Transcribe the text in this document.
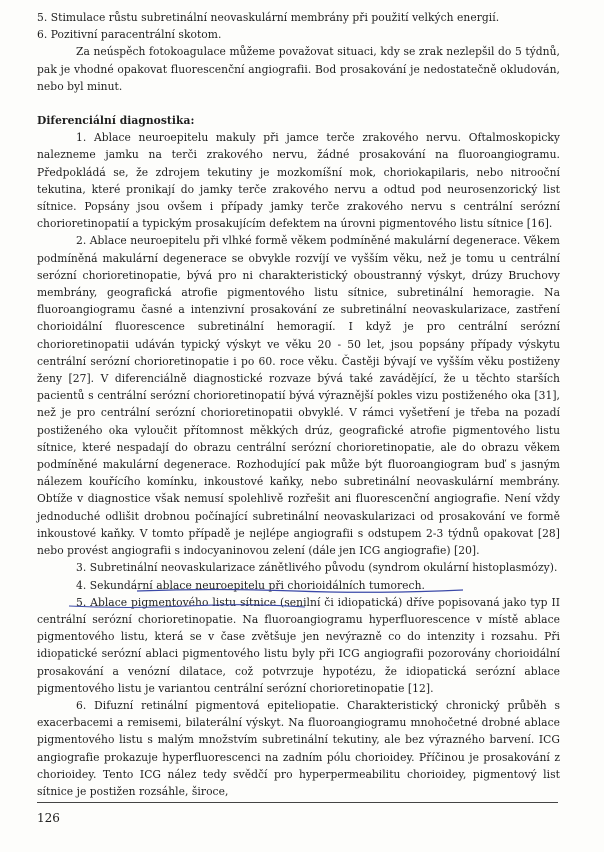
5. Stimulace růstu subretinální neovaskulární membrány při použití velkých energií.

6. Pozitivní paracentrální skotom.

Za neúspěch fotokoagulace můžeme považovat situaci, kdy se zrak nezlepšil do 5 týdnů, pak je vhodné opakovat fluorescenční angiografii. Bod prosakování je nedostatečně okludován, nebo byl minut.

Diferenciální diagnostika:

1. Ablace neuroepitelu makuly při jamce terče zrakového nervu. Oftalmoskopicky nalezneme jamku na terči zrakového nervu, žádné prosakování na fluoroangiogramu. Předpokládá se, že zdrojem tekutiny je mozkomíšní mok, choriokapilaris, nebo nitrooční tekutina, které pronikají do jamky terče zrakového nervu a odtud pod neurosenzorický list sítnice. Popsány jsou ovšem i případy jamky terče zrakového nervu s centrální serózní chorioretinopatií a typickým prosakujícím defektem na úrovni pigmentového listu sítnice [16].

2. Ablace neuroepitelu při vlhké formě věkem podmíněné makulární degenerace. Věkem podmíněná makulární degenerace se obvykle rozvíjí ve vyšším věku, než je tomu u centrální serózní chorioretinopatie, bývá pro ni charakteristický oboustranný výskyt, drúzy Bruchovy membrány, geografická atrofie pigmentového listu sítnice, subretinální hemoragie. Na fluoroangiogramu časné a intenzivní prosakování ze subretinální neovaskularizace, zastření chorioidální fluorescence subretinální hemoragií. I když je pro centrální serózní chorioretinopatii udáván typický výskyt ve věku 20 - 50 let, jsou popsány případy výskytu centrální serózní chorioretinopatie i po 60. roce věku. Častěji bývají ve vyšším věku postiženy ženy [27]. V diferenciálně diagnostické rozvaze bývá také zavádějící, že u těchto starších pacientů s centrální serózní chorioretinopatií bývá výraznější pokles vizu postiženého oka [31], než je pro centrální serózní chorioretinopatii obvyklé. V rámci vyšetření je třeba na pozadí postiženého oka vyloučit přítomnost měkkých drúz, geografické atrofie pigmentového listu sítnice, které nespadají do obrazu centrální serózní chorioretinopatie, ale do obrazu věkem podmíněné makulární degenerace. Rozhodující pak může být fluoroangiogram buď s jasným nálezem kouřícího komínku, inkoustové kaňky, nebo subretinální neovaskulární membrány. Obtíže v diagnostice však nemusí spolehlivě rozřešit ani fluorescenční angiografie. Není vždy jednoduché odlišit drobnou počínající subretinální neovaskularizaci od prosakování ve formě inkoustové kaňky. V tomto případě je nejlépe angiografii s odstupem 2-3 týdnů opakovat [28] nebo provést angiografii s indocyaninovou zelení (dále jen ICG angiografie) [20].

3. Subretinální neovaskularizace zánětlivého původu (syndrom okulární histoplasmózy).

4. Sekundární ablace neuroepitelu při chorioidálních tumorech.

5. Ablace pigmentového listu sítnice (senilní či idiopatická) dříve popisovaná jako typ II centrální serózní chorioretinopatie. Na fluoroangiogramu hyperfluorescence v místě ablace pigmentového listu, která se v čase zvětšuje jen nevýrazně co do intenzity i rozsahu. Při idiopatické serózní ablaci pigmentového listu byly při ICG angiografii pozorovány chorioidální prosakování a venózní dilatace, což potvrzuje hypotézu, že idiopatická serózní ablace pigmentového listu je variantou centrální serózní chorioretinopatie [12].

6. Difuzní retinální pigmentová epiteliopatie. Charakteristický chronický průběh s exacerbacemi a remisemi, bilaterální výskyt. Na fluoroangiogramu mnohočetné drobné ablace pigmentového listu s malým množstvím subretinální tekutiny, ale bez výrazného barvení. ICG angiografie prokazuje hyperfluorescenci na zadním pólu chorioidey. Příčinou je prosakování z chorioidey. Tento ICG nález tedy svědčí pro hyperpermeabilitu chorioidey, pigmentový list sítnice je postižen rozsáhle, široce,

126
